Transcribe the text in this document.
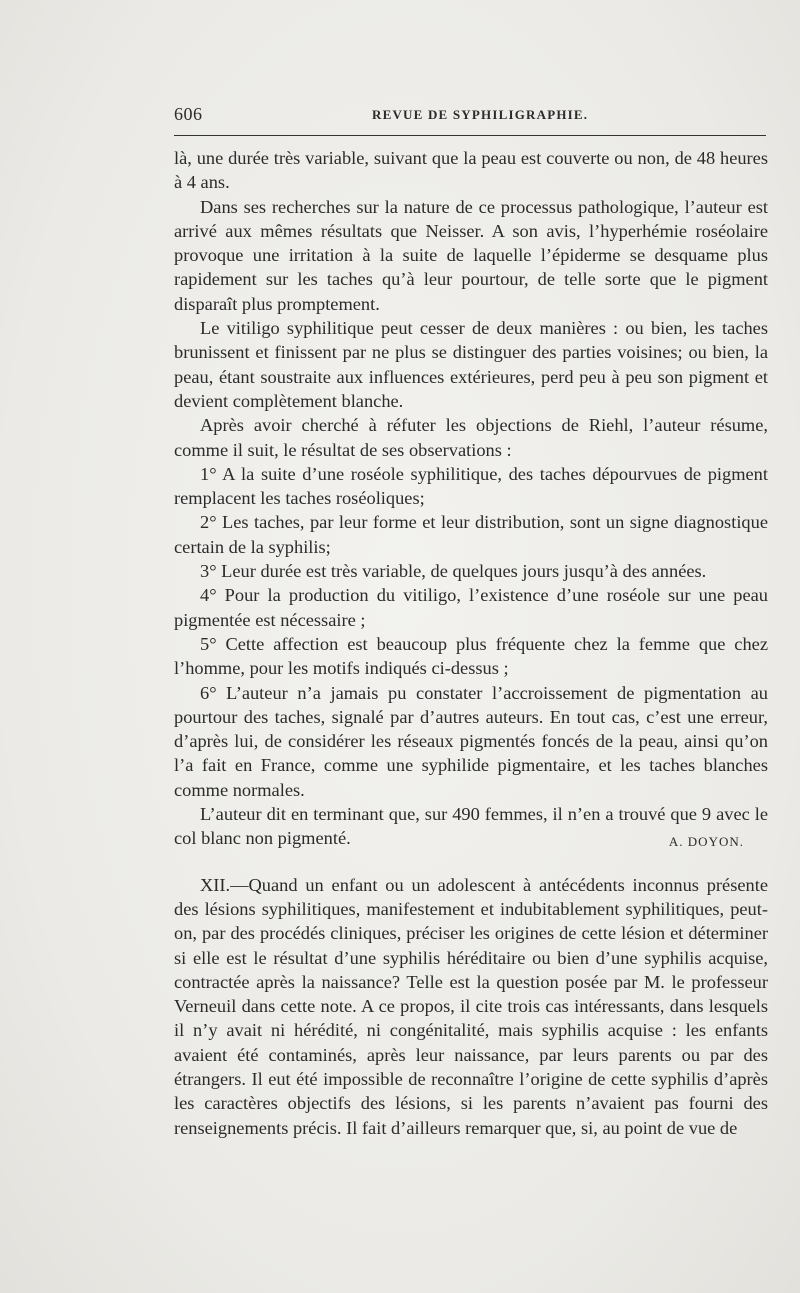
606	REVUE DE SYPHILIGRAPHIE.

là, une durée très variable, suivant que la peau est couverte ou non, de 48 heures à 4 ans.

Dans ses recherches sur la nature de ce processus pathologique, l’auteur est arrivé aux mêmes résultats que Neisser. A son avis, l’hyperhémie roséolaire provoque une irritation à la suite de laquelle l’épiderme se desquame plus rapidement sur les taches qu’à leur pourtour, de telle sorte que le pigment disparaît plus promptement.

Le vitiligo syphilitique peut cesser de deux manières : ou bien, les taches brunissent et finissent par ne plus se distinguer des parties voisines; ou bien, la peau, étant soustraite aux influences extérieures, perd peu à peu son pigment et devient complètement blanche.

Après avoir cherché à réfuter les objections de Riehl, l’auteur résume, comme il suit, le résultat de ses observations :

1° A la suite d’une roséole syphilitique, des taches dépourvues de pigment remplacent les taches roséoliques;

2° Les taches, par leur forme et leur distribution, sont un signe diagnostique certain de la syphilis;

3° Leur durée est très variable, de quelques jours jusqu’à des années.

4° Pour la production du vitiligo, l’existence d’une roséole sur une peau pigmentée est nécessaire ;

5° Cette affection est beaucoup plus fréquente chez la femme que chez l’homme, pour les motifs indiqués ci-dessus ;

6° L’auteur n’a jamais pu constater l’accroissement de pigmentation au pourtour des taches, signalé par d’autres auteurs. En tout cas, c’est une erreur, d’après lui, de considérer les réseaux pigmentés foncés de la peau, ainsi qu’on l’a fait en France, comme une syphilide pigmentaire, et les taches blanches comme normales.

L’auteur dit en terminant que, sur 490 femmes, il n’en a trouvé que 9 avec le col blanc non pigmenté.	A. DOYON.

XII.—Quand un enfant ou un adolescent à antécédents inconnus présente des lésions syphilitiques, manifestement et indubitablement syphilitiques, peut-on, par des procédés cliniques, préciser les origines de cette lésion et déterminer si elle est le résultat d’une syphilis héréditaire ou bien d’une syphilis acquise, contractée après la naissance? Telle est la question posée par M. le professeur Verneuil dans cette note. A ce propos, il cite trois cas intéressants, dans lesquels il n’y avait ni hérédité, ni congénitalité, mais syphilis acquise : les enfants avaient été contaminés, après leur naissance, par leurs parents ou par des étrangers. Il eut été impossible de reconnaître l’origine de cette syphilis d’après les caractères objectifs des lésions, si les parents n’avaient pas fourni des renseignements précis. Il fait d’ailleurs remarquer que, si, au point de vue de
